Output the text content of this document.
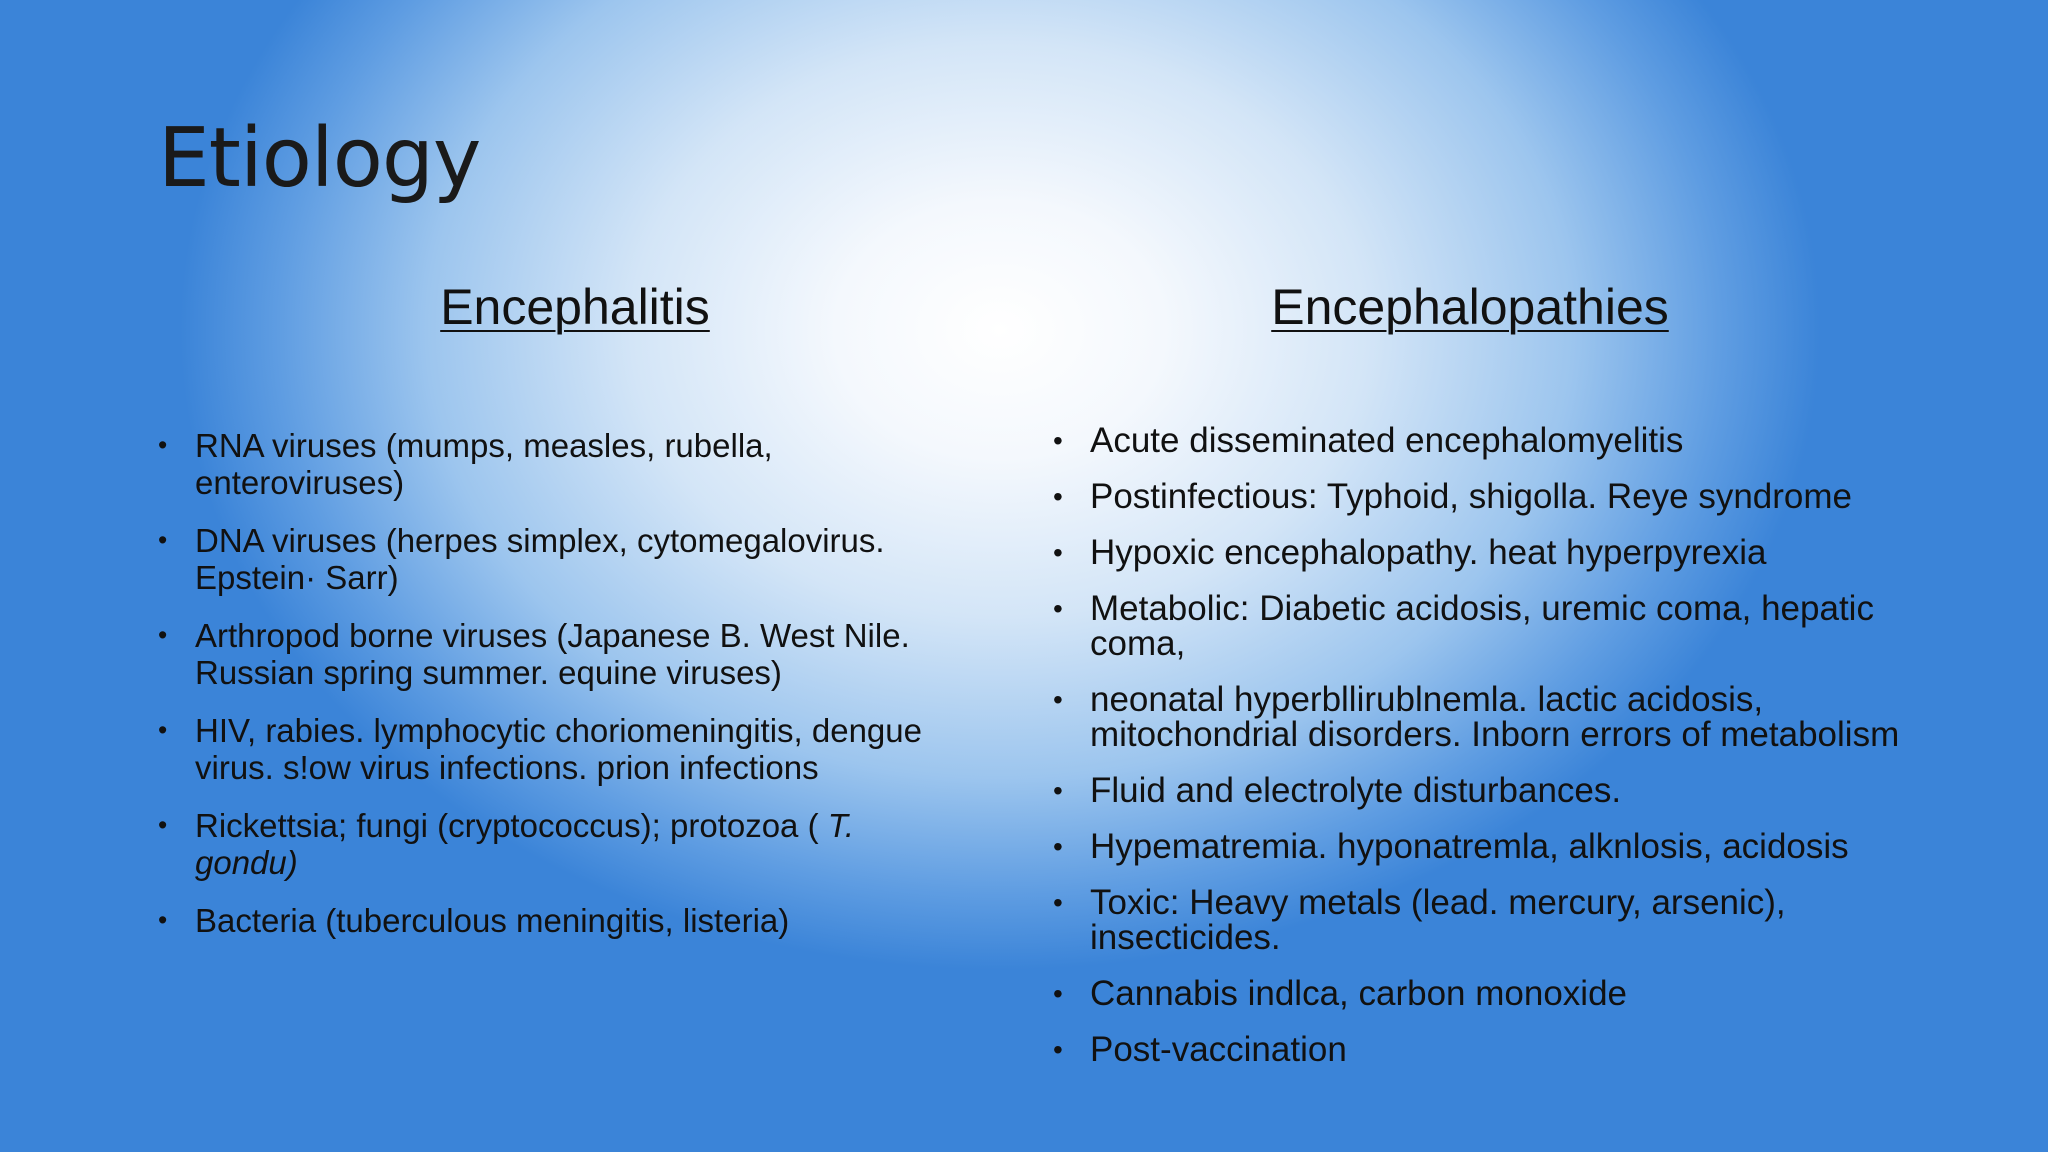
Etiology
Encephalitis	Encephalopathies
• RNA viruses (mumps, measles, rubella, enteroviruses)
• DNA viruses (herpes simplex, cytomegalovirus. Epstein· Sarr)
• Arthropod borne viruses (Japanese B. West Nile. Russian spring summer. equine viruses)
• HIV, rabies. lymphocytic choriomeningitis, dengue virus. s!ow virus infections. prion infections
• Rickettsia; fungi (cryptococcus); protozoa ( T. gondu)
• Bacteria (tuberculous meningitis, listeria)
• Acute disseminated encephalomyelitis
• Postinfectious: Typhoid, shigolla. Reye syndrome
• Hypoxic encephalopathy. heat hyperpyrexia
• Metabolic: Diabetic acidosis, uremic coma, hepatic coma,
• neonatal hyperbllirublnemla. lactic acidosis, mitochondrial disorders. Inborn errors of metabolism
• Fluid and electrolyte disturbances.
• Hypematremia. hyponatremla, alknlosis, acidosis
• Toxic: Heavy metals (lead. mercury, arsenic), insecticides.
• Cannabis indlca, carbon monoxide
• Post-vaccination
